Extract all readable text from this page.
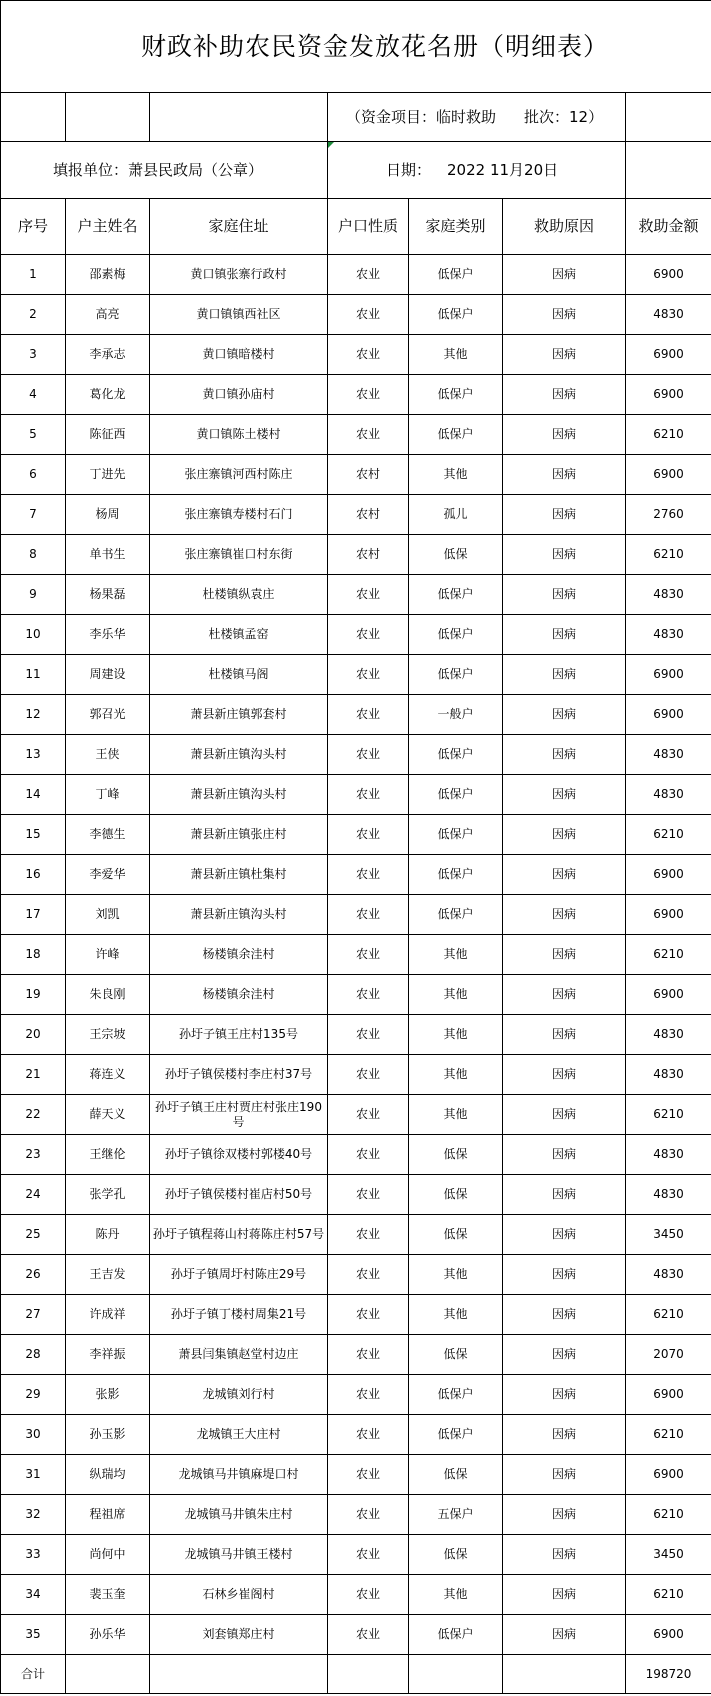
财政补助农民资金发放花名册（明细表）						
			（资金项目：临时救助 批次：12）			
填报单位：萧县民政局（公章）			日期： 2022 11月20日			
序号	户主姓名	家庭住址	户口性质	家庭类别	救助原因	救助金额
1	邵素梅	黄口镇张寨行政村	农业	低保户	因病	6900
2	高亮	黄口镇镇西社区	农业	低保户	因病	4830
3	李承志	黄口镇暗楼村	农业	其他	因病	6900
4	葛化龙	黄口镇孙庙村	农业	低保户	因病	6900
5	陈征西	黄口镇陈土楼村	农业	低保户	因病	6210
6	丁进先	张庄寨镇河西村陈庄	农村	其他	因病	6900
7	杨周	张庄寨镇寿楼村石门	农村	孤儿	因病	2760
8	单书生	张庄寨镇崔口村东街	农村	低保	因病	6210
9	杨果磊	杜楼镇纵袁庄	农业	低保户	因病	4830
10	李乐华	杜楼镇孟窑	农业	低保户	因病	4830
11	周建设	杜楼镇马阁	农业	低保户	因病	6900
12	郭召光	萧县新庄镇郭套村	农业	一般户	因病	6900
13	王侠	萧县新庄镇沟头村	农业	低保户	因病	4830
14	丁峰	萧县新庄镇沟头村	农业	低保户	因病	4830
15	李德生	萧县新庄镇张庄村	农业	低保户	因病	6210
16	李爱华	萧县新庄镇杜集村	农业	低保户	因病	6900
17	刘凯	萧县新庄镇沟头村	农业	低保户	因病	6900
18	许峰	杨楼镇余洼村	农业	其他	因病	6210
19	朱良刚	杨楼镇余洼村	农业	其他	因病	6900
20	王宗坡	孙圩子镇王庄村135号	农业	其他	因病	4830
21	蒋连义	孙圩子镇侯楼村李庄村37号	农业	其他	因病	4830
22	薛天义	孙圩子镇王庄村贾庄村张庄190号	农业	其他	因病	6210
23	王继伦	孙圩子镇徐双楼村郭楼40号	农业	低保	因病	4830
24	张学孔	孙圩子镇侯楼村崔店村50号	农业	低保	因病	4830
25	陈丹	孙圩子镇程蒋山村蒋陈庄村57号	农业	低保	因病	3450
26	王吉发	孙圩子镇周圩村陈庄29号	农业	其他	因病	4830
27	许成祥	孙圩子镇丁楼村周集21号	农业	其他	因病	6210
28	李祥振	萧县闫集镇赵堂村边庄	农业	低保	因病	2070
29	张影	龙城镇刘行村	农业	低保户	因病	6900
30	孙玉影	龙城镇王大庄村	农业	低保户	因病	6210
31	纵瑞均	龙城镇马井镇麻堤口村	农业	低保	因病	6900
32	程祖席	龙城镇马井镇朱庄村	农业	五保户	因病	6210
33	尚何中	龙城镇马井镇王楼村	农业	低保	因病	3450
34	裴玉奎	石林乡崔阁村	农业	其他	因病	6210
35	孙乐华	刘套镇郑庄村	农业	低保户	因病	6900
合计						198720
